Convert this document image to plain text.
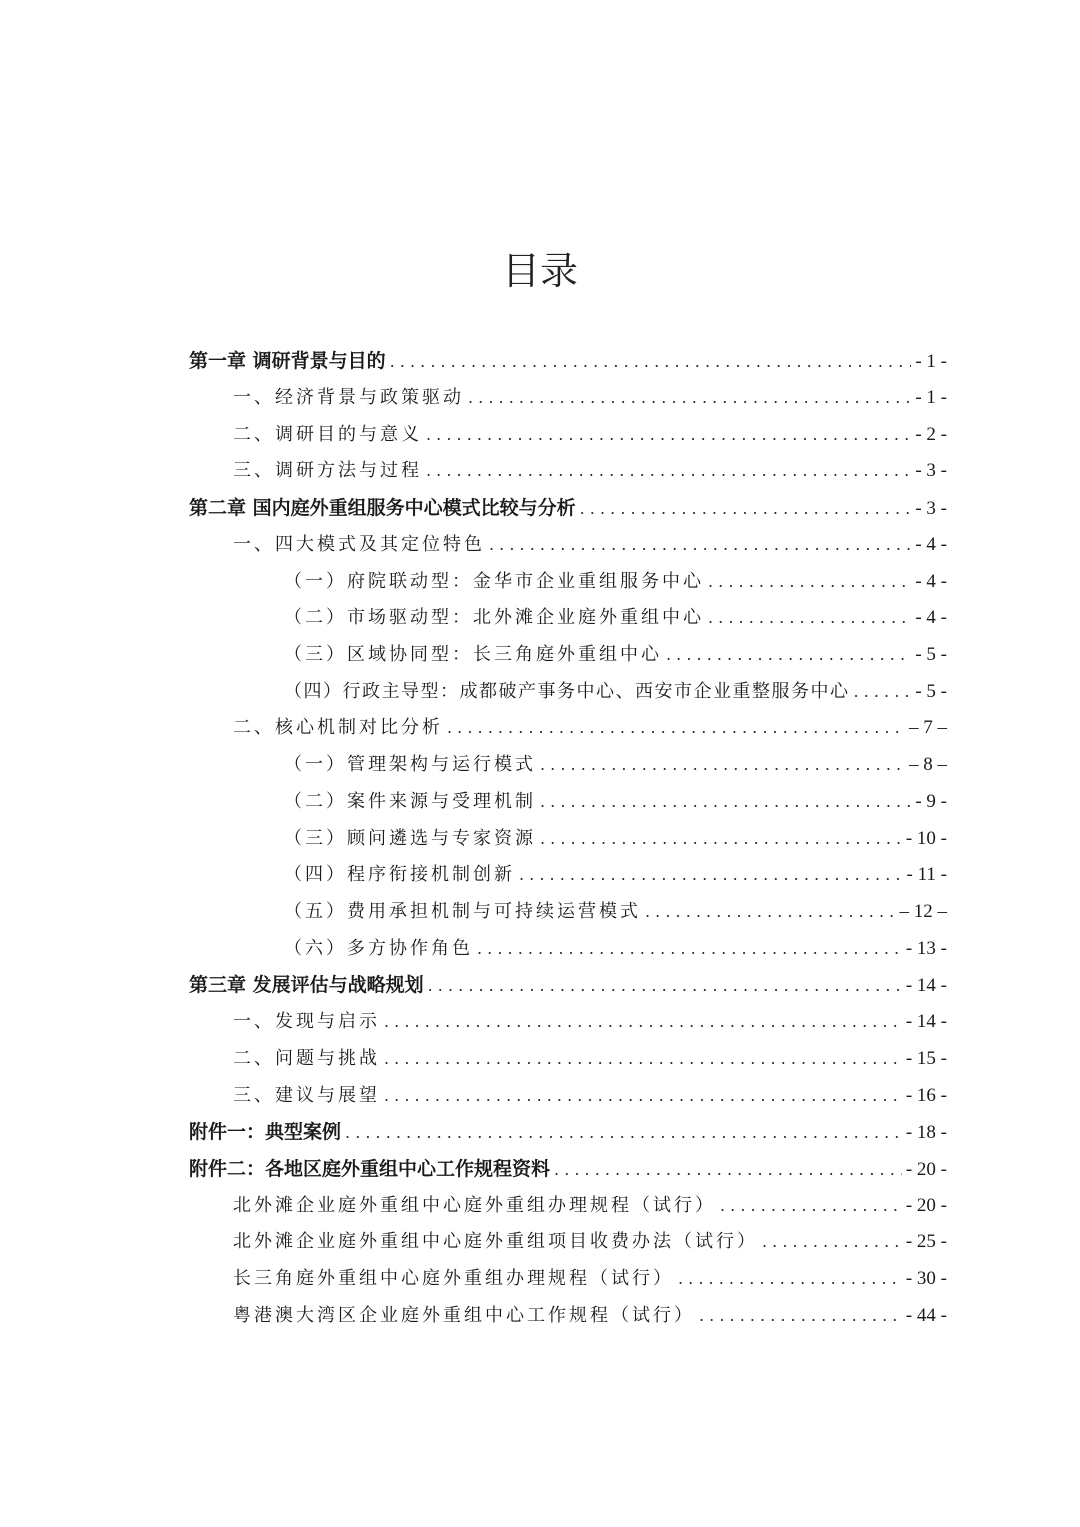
目录
第一章 调研背景与目的 . . .	- 1 -
一、经济背景与政策驱动 . . .	- 1 -
二、调研目的与意义 . . .	- 2 -
三、调研方法与过程 . . .	- 3 -
第二章 国内庭外重组服务中心模式比较与分析 . . .	- 3 -
一、四大模式及其定位特色 . . .	- 4 -
（一）府院联动型：金华市企业重组服务中心 . . .	- 4 -
（二）市场驱动型：北外滩企业庭外重组中心 . . .	- 4 -
（三）区域协同型：长三角庭外重组中心 . . .	- 5 -
（四）行政主导型：成都破产事务中心、西安市企业重整服务中心 . . .	- 5 -
二、核心机制对比分析 . . .	– 7 –
（一）管理架构与运行模式 . . .	– 8 –
（二）案件来源与受理机制 . . .	- 9 -
（三）顾问遴选与专家资源 . . .	- 10 -
（四）程序衔接机制创新 . . .	- 11 -
（五）费用承担机制与可持续运营模式 . . .	– 12 –
（六）多方协作角色 . . .	- 13 -
第三章 发展评估与战略规划 . . .	- 14 -
一、发现与启示 . . .	- 14 -
二、问题与挑战 . . .	- 15 -
三、建议与展望 . . .	- 16 -
附件一：典型案例 . . .	- 18 -
附件二：各地区庭外重组中心工作规程资料 . . .	- 20 -
北外滩企业庭外重组中心庭外重组办理规程（试行） . . .	- 20 -
北外滩企业庭外重组中心庭外重组项目收费办法（试行） . . .	- 25 -
长三角庭外重组中心庭外重组办理规程（试行） . . .	- 30 -
粤港澳大湾区企业庭外重组中心工作规程（试行） . . .	- 44 -
